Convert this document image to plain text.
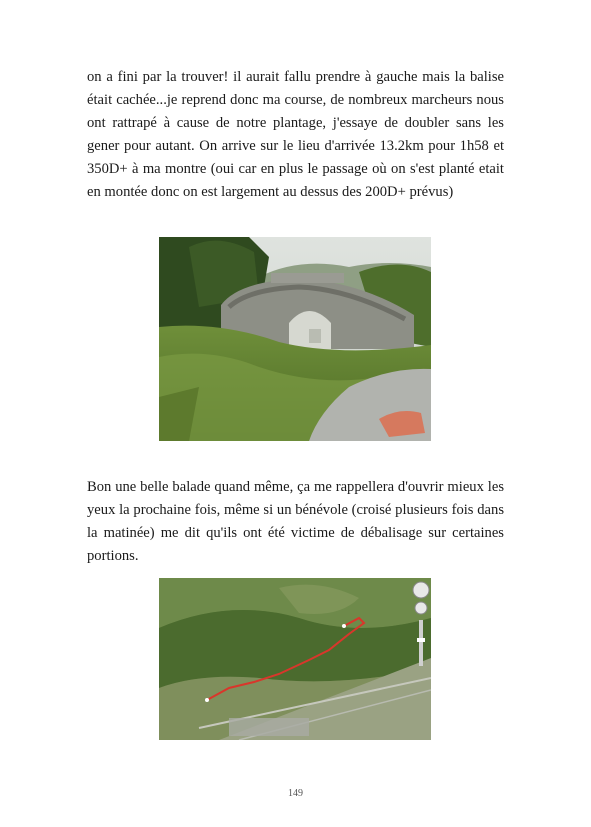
on a fini par la trouver! il aurait fallu prendre à gauche mais la balise était cachée...je reprend donc ma course, de nombreux marcheurs nous ont rattrapé à cause de notre plantage, j'essaye de doubler sans les gener pour autant. On arrive sur le lieu d'arrivée 13.2km pour 1h58 et 350D+ à ma montre (oui car en plus le passage où on s'est planté etait en montée donc on est largement au dessus des 200D+ prévus)

Bon une belle balade quand même, ça me rappellera d'ouvrir mieux les yeux la prochaine fois, même si un bénévole (croisé plusieurs fois dans la matinée) me dit qu'ils ont été victime de débalisage sur certaines portions.

149
